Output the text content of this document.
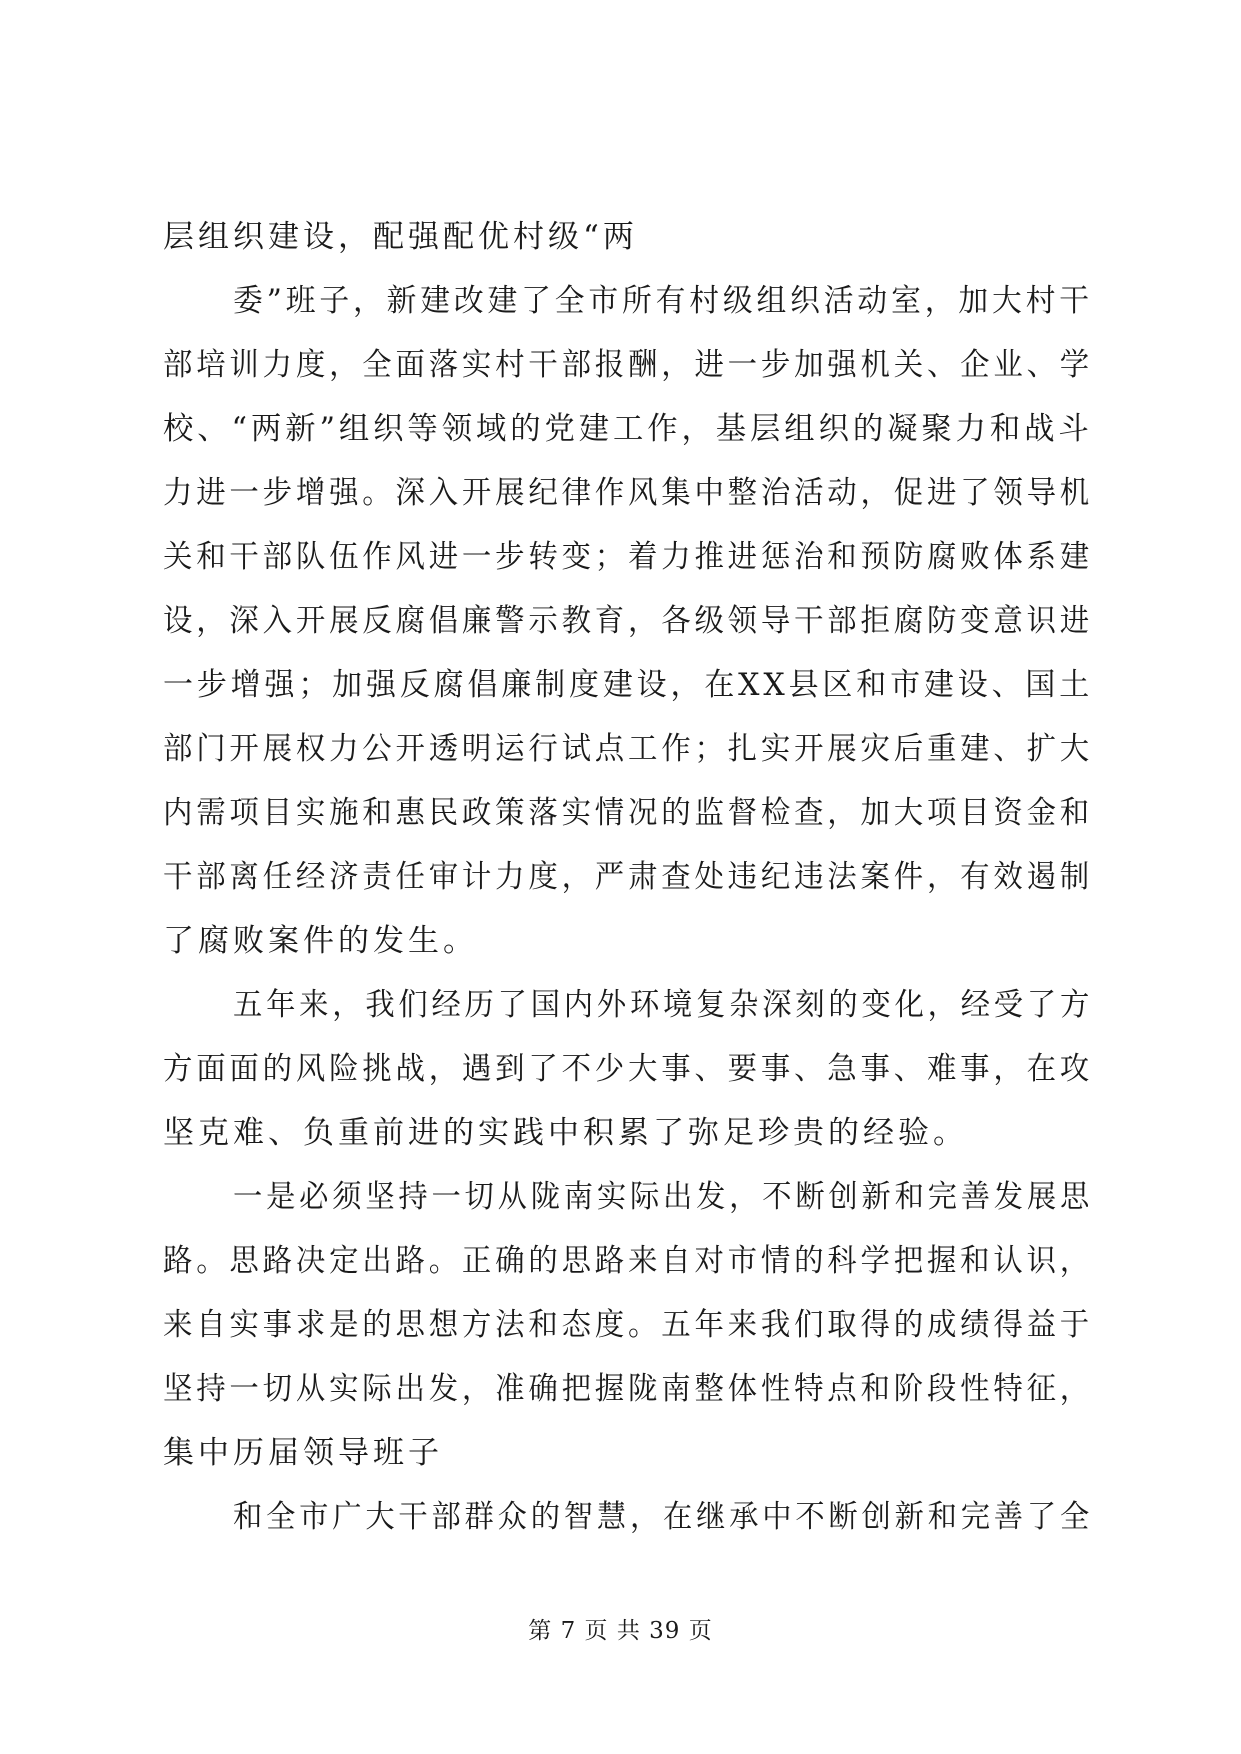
层组织建设，配强配优村级“两
委”班子，新建改建了全市所有村级组织活动室，加大村干
部培训力度，全面落实村干部报酬，进一步加强机关、企业、学
校、“两新”组织等领域的党建工作，基层组织的凝聚力和战斗
力进一步增强。深入开展纪律作风集中整治活动，促进了领导机
关和干部队伍作风进一步转变；着力推进惩治和预防腐败体系建
设，深入开展反腐倡廉警示教育，各级领导干部拒腐防变意识进
一步增强；加强反腐倡廉制度建设，在XX县区和市建设、国土
部门开展权力公开透明运行试点工作；扎实开展灾后重建、扩大
内需项目实施和惠民政策落实情况的监督检查，加大项目资金和
干部离任经济责任审计力度，严肃查处违纪违法案件，有效遏制
了腐败案件的发生。
五年来，我们经历了国内外环境复杂深刻的变化，经受了方
方面面的风险挑战，遇到了不少大事、要事、急事、难事，在攻
坚克难、负重前进的实践中积累了弥足珍贵的经验。
一是必须坚持一切从陇南实际出发，不断创新和完善发展思
路。思路决定出路。正确的思路来自对市情的科学把握和认识，
来自实事求是的思想方法和态度。五年来我们取得的成绩得益于
坚持一切从实际出发，准确把握陇南整体性特点和阶段性特征，
集中历届领导班子
和全市广大干部群众的智慧，在继承中不断创新和完善了全
第 7 页 共 39 页
